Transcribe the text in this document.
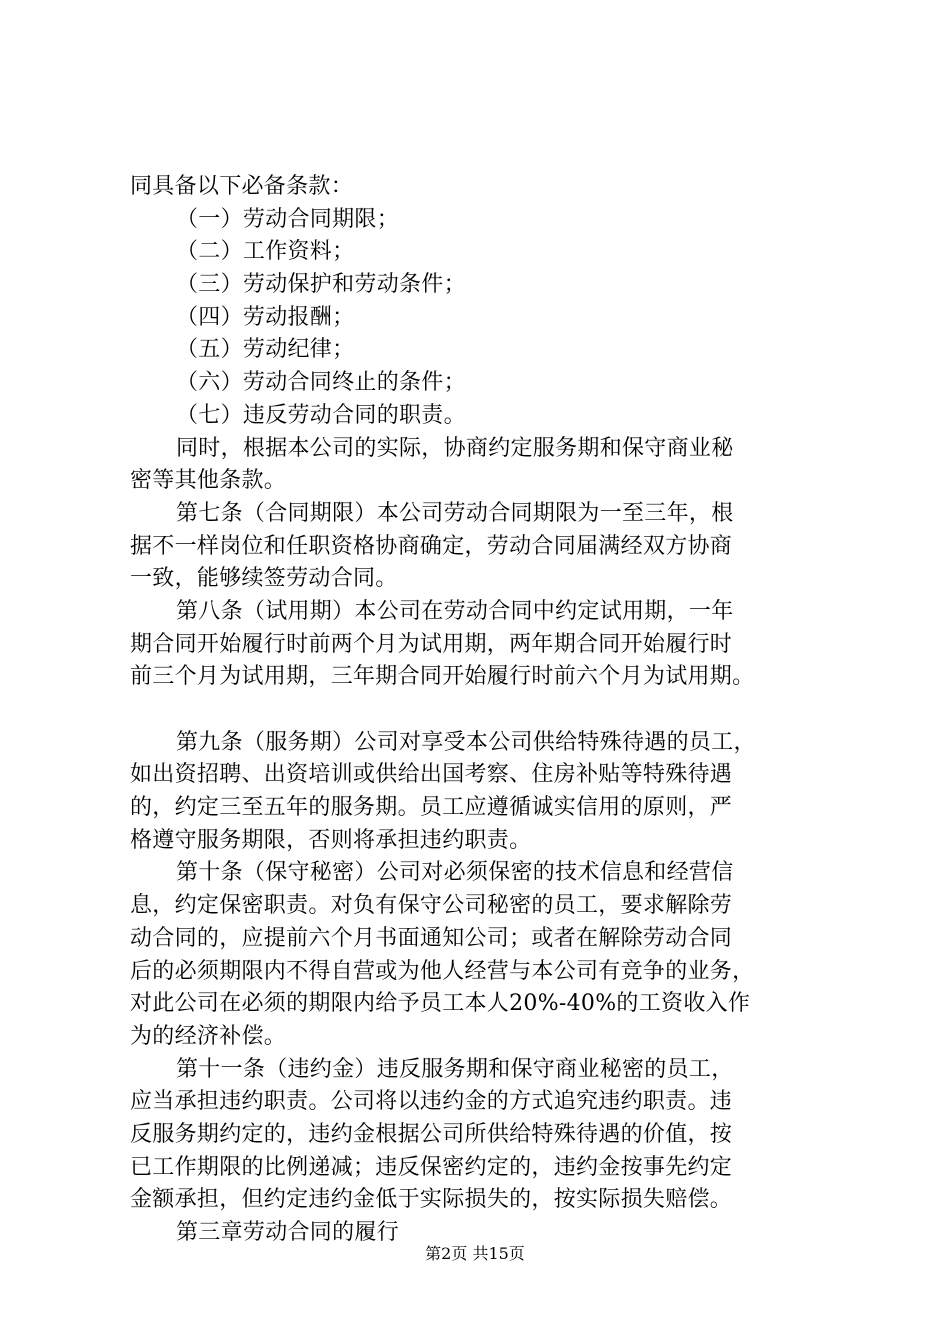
同具备以下必备条款：
（一）劳动合同期限；
（二）工作资料；
（三）劳动保护和劳动条件；
（四）劳动报酬；
（五）劳动纪律；
（六）劳动合同终止的条件；
（七）违反劳动合同的职责。
同时，根据本公司的实际，协商约定服务期和保守商业秘
密等其他条款。
第七条（合同期限）本公司劳动合同期限为一至三年，根
据不一样岗位和任职资格协商确定，劳动合同届满经双方协商
一致，能够续签劳动合同。
第八条（试用期）本公司在劳动合同中约定试用期，一年
期合同开始履行时前两个月为试用期，两年期合同开始履行时
前三个月为试用期，三年期合同开始履行时前六个月为试用期。
第九条（服务期）公司对享受本公司供给特殊待遇的员工，
如出资招聘、出资培训或供给出国考察、住房补贴等特殊待遇
的，约定三至五年的服务期。员工应遵循诚实信用的原则，严
格遵守服务期限，否则将承担违约职责。
第十条（保守秘密）公司对必须保密的技术信息和经营信
息，约定保密职责。对负有保守公司秘密的员工，要求解除劳
动合同的，应提前六个月书面通知公司；或者在解除劳动合同
后的必须期限内不得自营或为他人经营与本公司有竞争的业务，
对此公司在必须的期限内给予员工本人20%-40%的工资收入作
为的经济补偿。
第十一条（违约金）违反服务期和保守商业秘密的员工，
应当承担违约职责。公司将以违约金的方式追究违约职责。违
反服务期约定的，违约金根据公司所供给特殊待遇的价值，按
已工作期限的比例递减；违反保密约定的，违约金按事先约定
金额承担，但约定违约金低于实际损失的，按实际损失赔偿。
第三章劳动合同的履行
第2页 共15页
